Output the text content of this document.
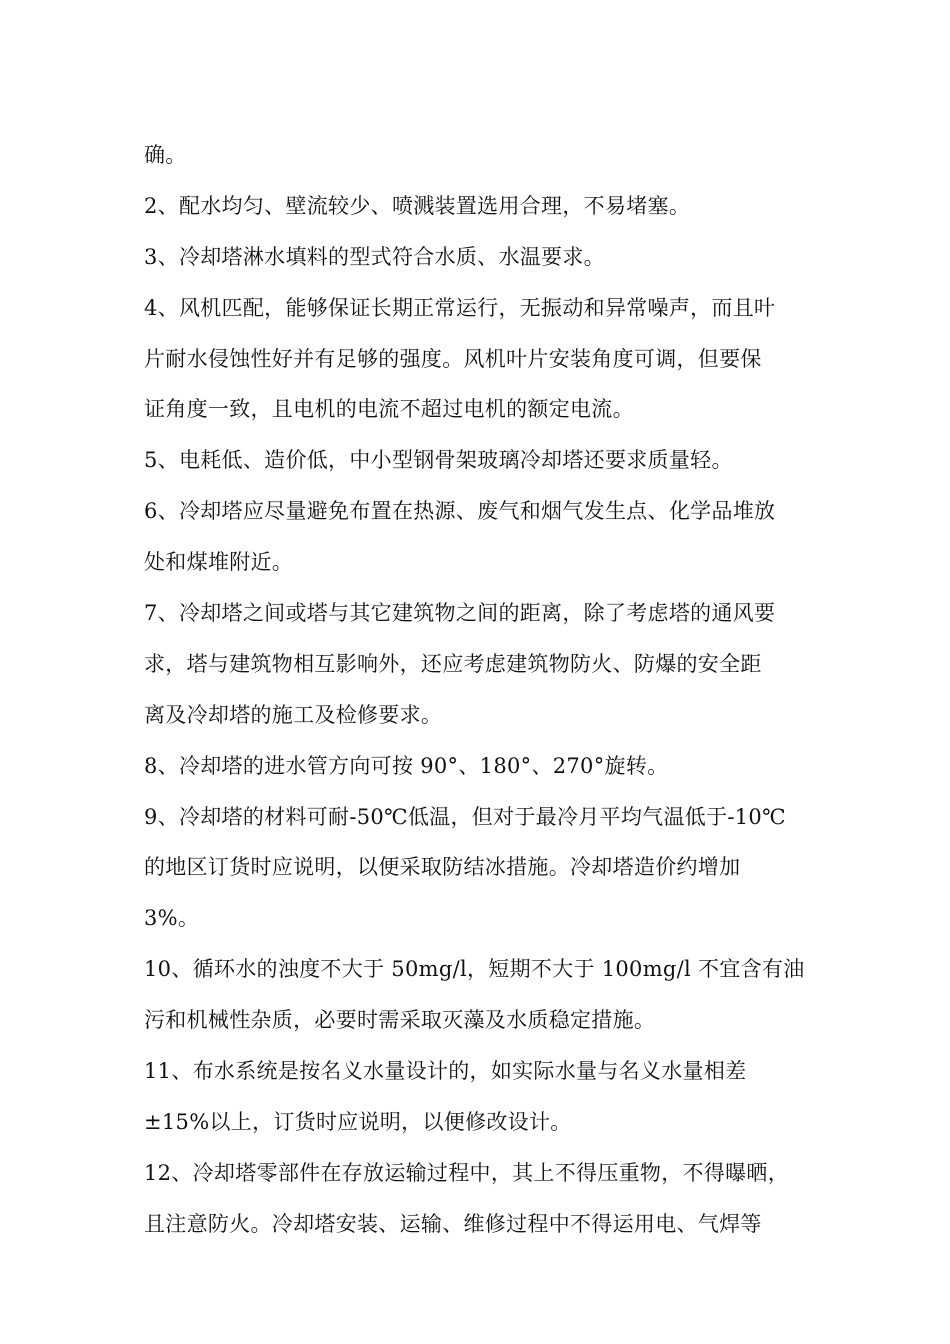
确。
2、配水均匀、壁流较少、喷溅装置选用合理，不易堵塞。
3、冷却塔淋水填料的型式符合水质、水温要求。
4、风机匹配，能够保证长期正常运行，无振动和异常噪声，而且叶
片耐水侵蚀性好并有足够的强度。风机叶片安装角度可调，但要保
证角度一致，且电机的电流不超过电机的额定电流。
5、电耗低、造价低，中小型钢骨架玻璃冷却塔还要求质量轻。
6、冷却塔应尽量避免布置在热源、废气和烟气发生点、化学品堆放
处和煤堆附近。
7、冷却塔之间或塔与其它建筑物之间的距离，除了考虑塔的通风要
求，塔与建筑物相互影响外，还应考虑建筑物防火、防爆的安全距
离及冷却塔的施工及检修要求。
8、冷却塔的进水管方向可按 90°、180°、270°旋转。
9、冷却塔的材料可耐-50℃低温，但对于最冷月平均气温低于-10℃
的地区订货时应说明，以便采取防结冰措施。冷却塔造价约增加
3%。
10、循环水的浊度不大于 50mg/l，短期不大于 100mg/l 不宜含有油
污和机械性杂质，必要时需采取灭藻及水质稳定措施。
11、布水系统是按名义水量设计的，如实际水量与名义水量相差
±15%以上，订货时应说明，以便修改设计。
12、冷却塔零部件在存放运输过程中，其上不得压重物，不得曝晒，
且注意防火。冷却塔安装、运输、维修过程中不得运用电、气焊等
